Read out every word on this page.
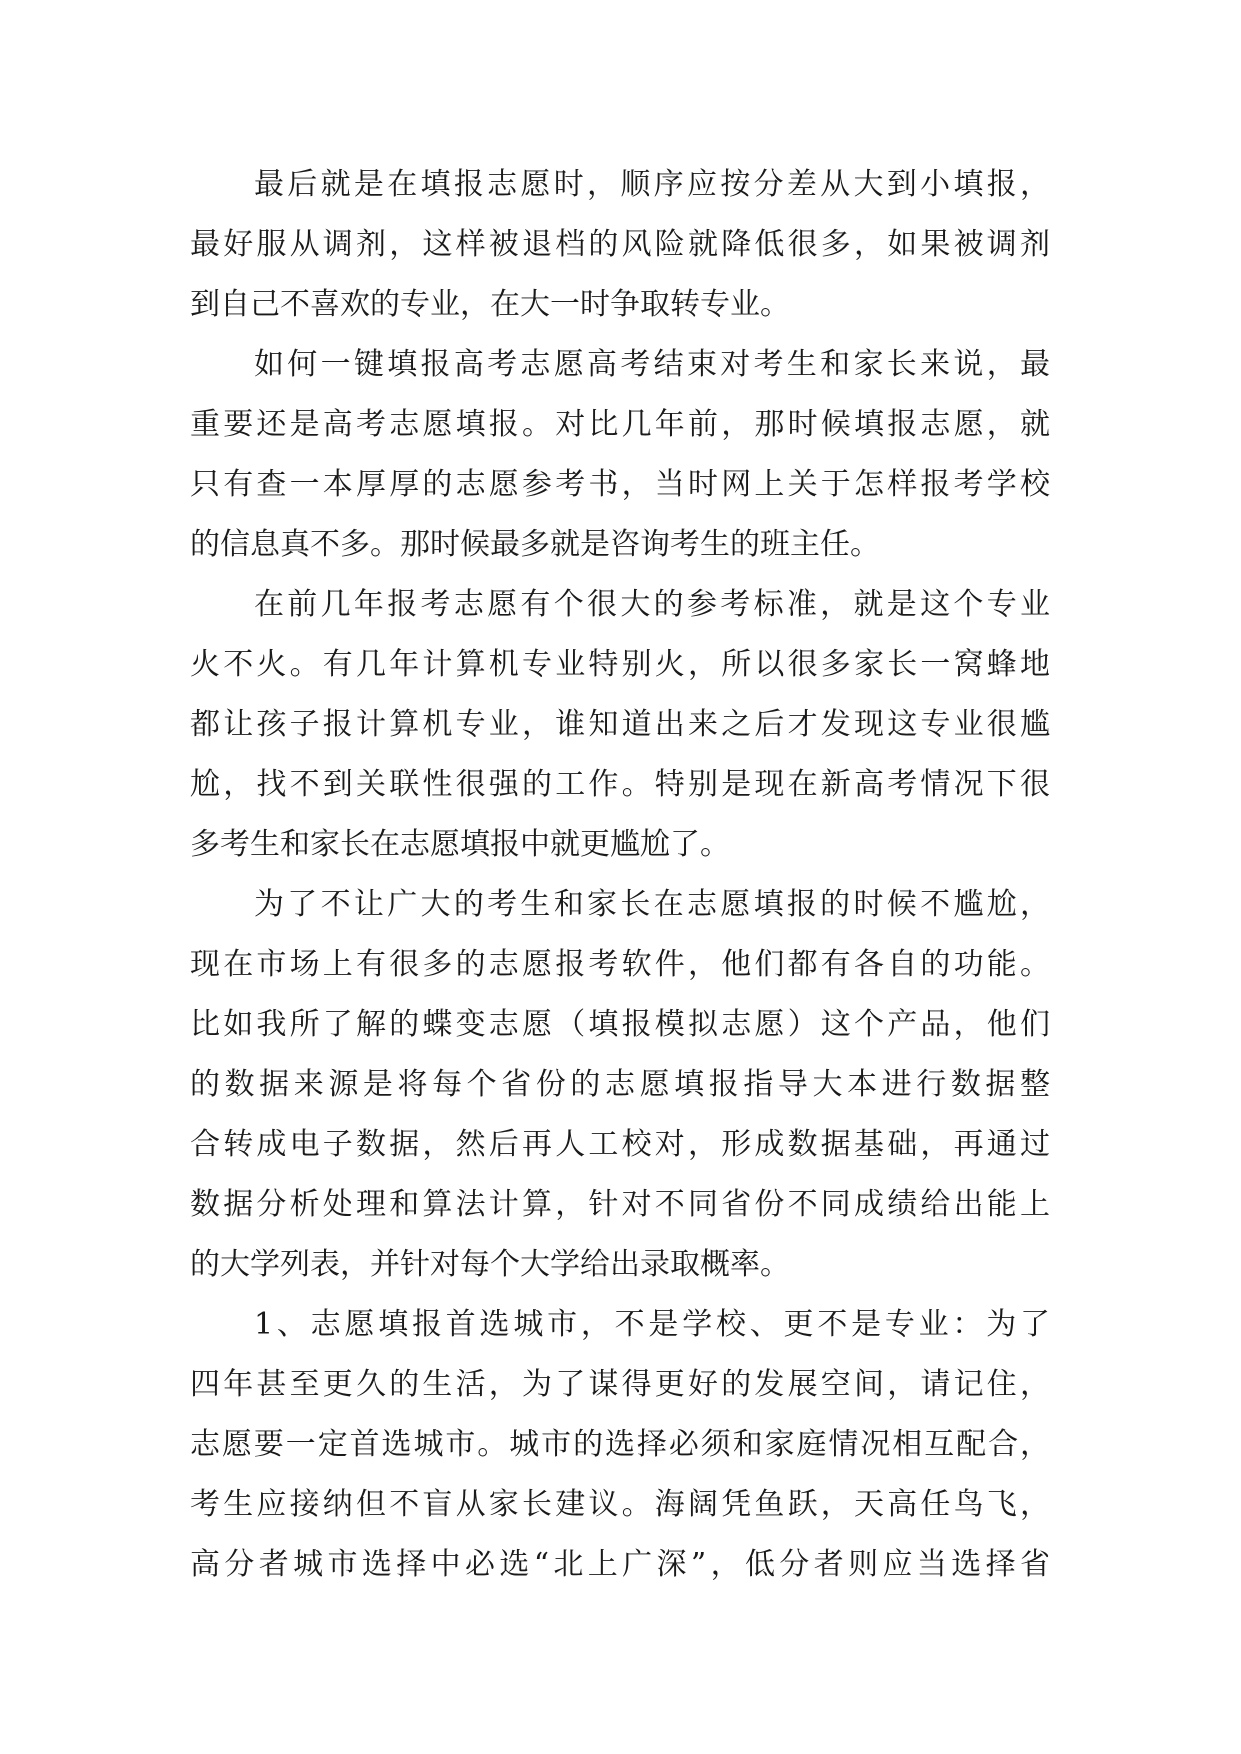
最后就是在填报志愿时，顺序应按分差从大到小填报，
最好服从调剂，这样被退档的风险就降低很多，如果被调剂
到自己不喜欢的专业，在大一时争取转专业。
如何一键填报高考志愿高考结束对考生和家长来说，最
重要还是高考志愿填报。对比几年前，那时候填报志愿，就
只有查一本厚厚的志愿参考书，当时网上关于怎样报考学校
的信息真不多。那时候最多就是咨询考生的班主任。
在前几年报考志愿有个很大的参考标准，就是这个专业
火不火。有几年计算机专业特别火，所以很多家长一窝蜂地
都让孩子报计算机专业，谁知道出来之后才发现这专业很尴
尬，找不到关联性很强的工作。特别是现在新高考情况下很
多考生和家长在志愿填报中就更尴尬了。
为了不让广大的考生和家长在志愿填报的时候不尴尬，
现在市场上有很多的志愿报考软件，他们都有各自的功能。
比如我所了解的蝶变志愿（填报模拟志愿）这个产品，他们
的数据来源是将每个省份的志愿填报指导大本进行数据整
合转成电子数据，然后再人工校对，形成数据基础，再通过
数据分析处理和算法计算，针对不同省份不同成绩给出能上
的大学列表，并针对每个大学给出录取概率。
1、志愿填报首选城市，不是学校、更不是专业：为了
四年甚至更久的生活，为了谋得更好的发展空间，请记住，
志愿要一定首选城市。城市的选择必须和家庭情况相互配合，
考生应接纳但不盲从家长建议。海阔凭鱼跃，天高任鸟飞，
高分者城市选择中必选“北上广深”，低分者则应当选择省
